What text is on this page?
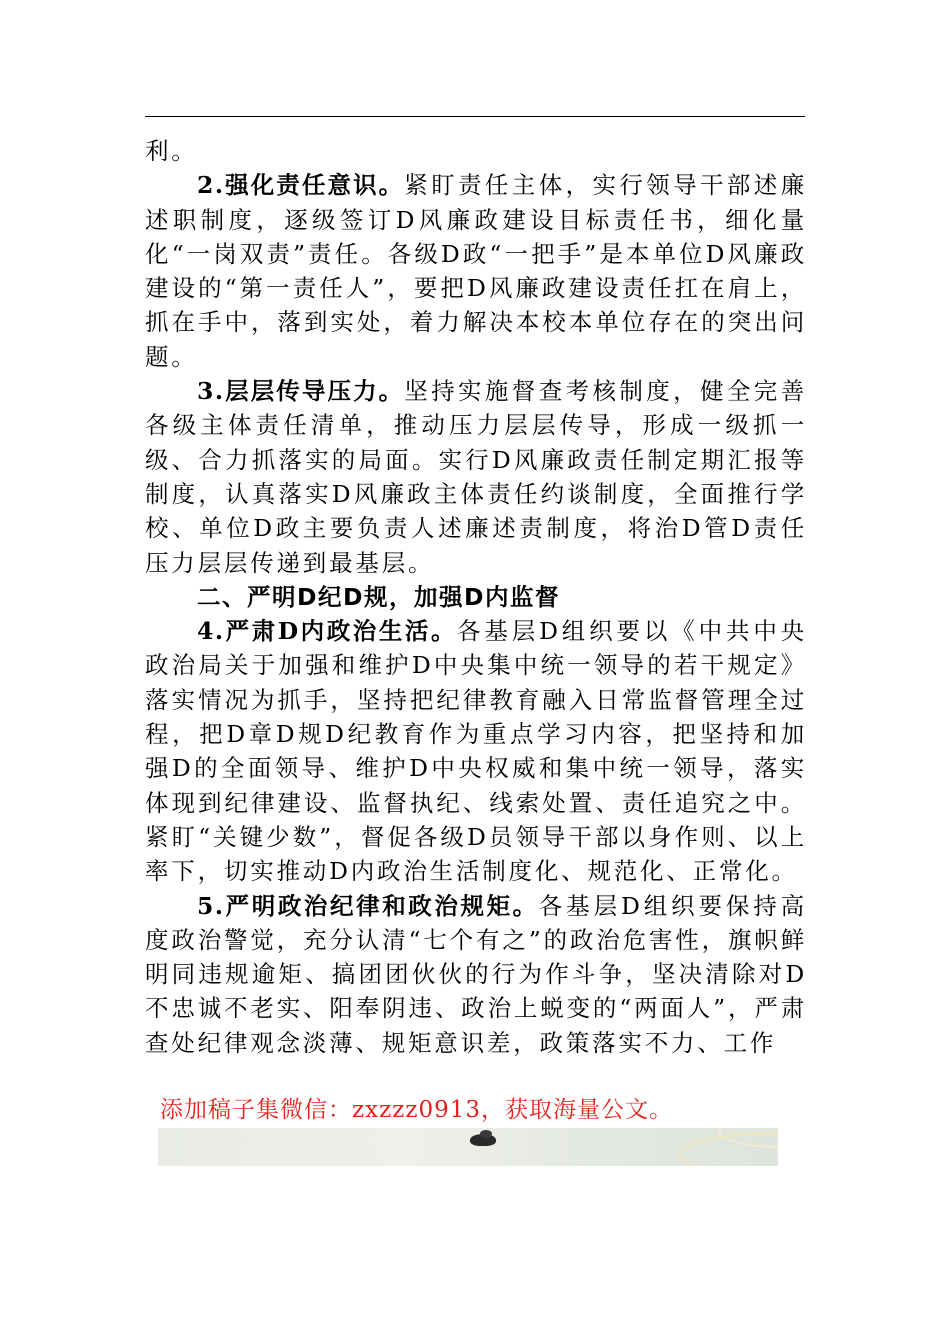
利。

2.强化责任意识。紧盯责任主体，实行领导干部述廉述职制度，逐级签订D风廉政建设目标责任书，细化量化“一岗双责”责任。各级D政“一把手”是本单位D风廉政建设的“第一责任人”，要把D风廉政建设责任扛在肩上，抓在手中，落到实处，着力解决本校本单位存在的突出问题。

3.层层传导压力。坚持实施督查考核制度，健全完善各级主体责任清单，推动压力层层传导，形成一级抓一级、合力抓落实的局面。实行D风廉政责任制定期汇报等制度，认真落实D风廉政主体责任约谈制度，全面推行学校、单位D政主要负责人述廉述责制度，将治D管D责任压力层层传递到最基层。

二、严明D纪D规，加强D内监督

4.严肃D内政治生活。各基层D组织要以《中共中央政治局关于加强和维护D中央集中统一领导的若干规定》落实情况为抓手，坚持把纪律教育融入日常监督管理全过程，把D章D规D纪教育作为重点学习内容，把坚持和加强D的全面领导、维护D中央权威和集中统一领导，落实体现到纪律建设、监督执纪、线索处置、责任追究之中。紧盯“关键少数”，督促各级D员领导干部以身作则、以上率下，切实推动D内政治生活制度化、规范化、正常化。

5.严明政治纪律和政治规矩。各基层D组织要保持高度政治警觉，充分认清“七个有之”的政治危害性，旗帜鲜明同违规逾矩、搞团团伙伙的行为作斗争，坚决清除对D不忠诚不老实、阳奉阴违、政治上蜕变的“两面人”，严肃查处纪律观念淡薄、规矩意识差，政策落实不力、工作

添加稿子集微信：zxzzz0913，获取海量公文。
